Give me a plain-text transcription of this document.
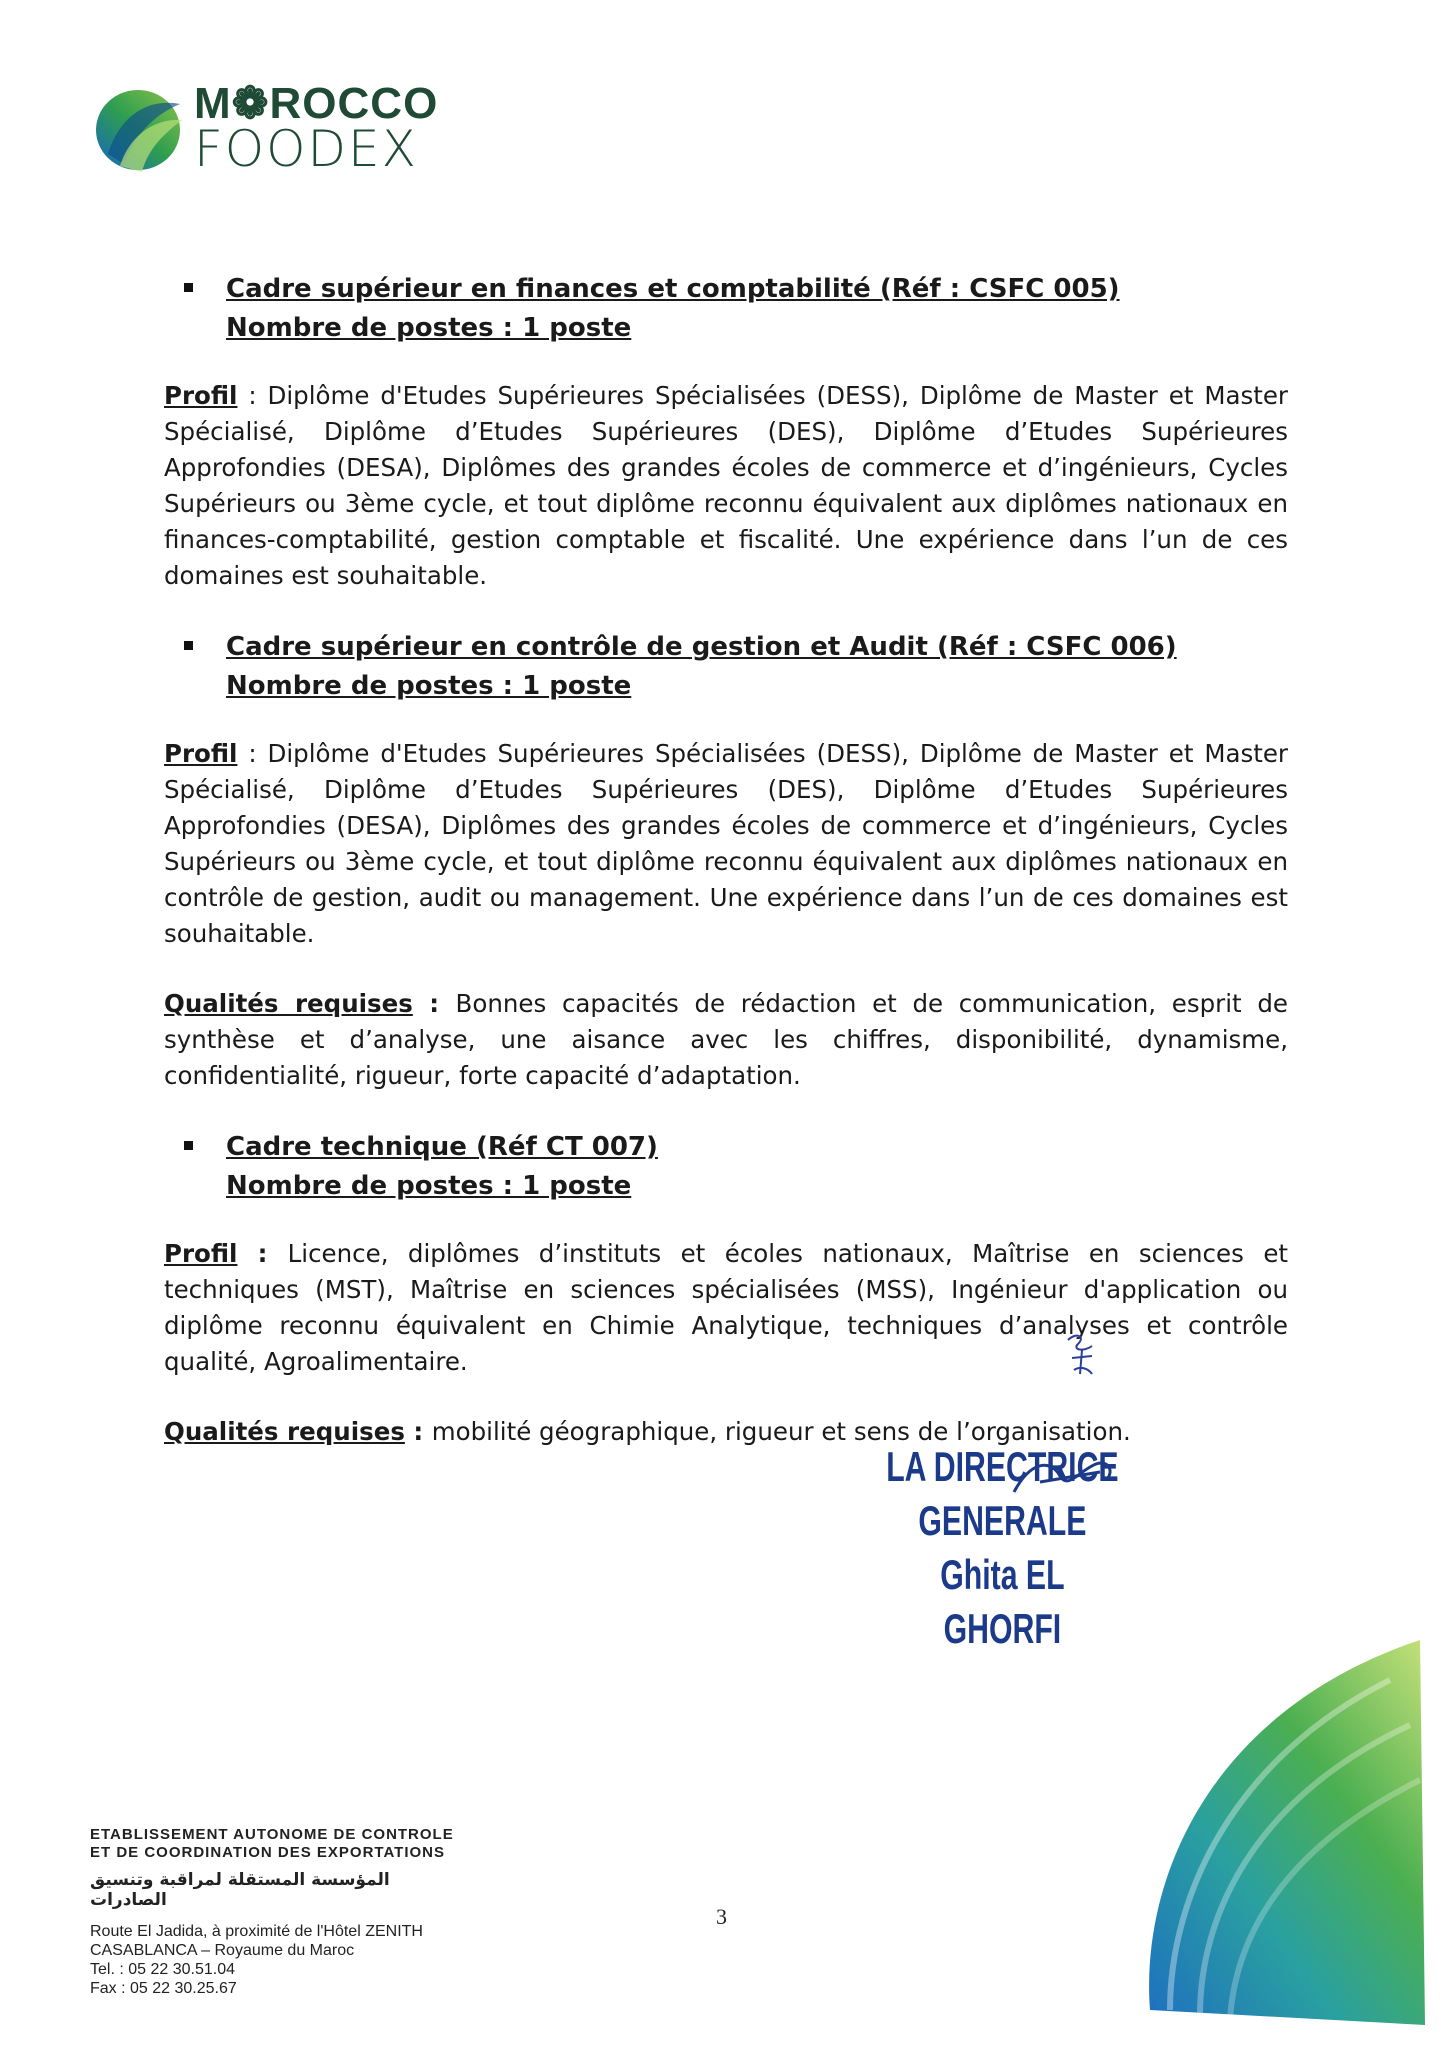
M❁ROCCO
FOODEX
Cadre supérieur en finances et comptabilité (Réf : CSFC 005)
Nombre de postes : 1 poste

Profil : Diplôme d'Etudes Supérieures Spécialisées (DESS), Diplôme de Master et Master Spécialisé, Diplôme d’Etudes Supérieures (DES), Diplôme d’Etudes Supérieures Approfondies (DESA), Diplômes des grandes écoles de commerce et d’ingénieurs, Cycles Supérieurs ou 3ème cycle, et tout diplôme reconnu équivalent aux diplômes nationaux en finances-comptabilité, gestion comptable et fiscalité. Une expérience dans l’un de ces domaines est souhaitable.

Cadre supérieur en contrôle de gestion et Audit (Réf : CSFC 006)
Nombre de postes : 1 poste

Profil : Diplôme d'Etudes Supérieures Spécialisées (DESS), Diplôme de Master et Master Spécialisé, Diplôme d’Etudes Supérieures (DES), Diplôme d’Etudes Supérieures Approfondies (DESA), Diplômes des grandes écoles de commerce et d’ingénieurs, Cycles Supérieurs ou 3ème cycle, et tout diplôme reconnu équivalent aux diplômes nationaux en contrôle de gestion, audit ou management. Une expérience dans l’un de ces domaines est souhaitable.

Qualités requises : Bonnes capacités de rédaction et de communication, esprit de synthèse et d’analyse, une aisance avec les chiffres, disponibilité, dynamisme, confidentialité, rigueur, forte capacité d’adaptation.

Cadre technique (Réf CT 007)
Nombre de postes : 1 poste

Profil : Licence, diplômes d’instituts et écoles nationaux, Maîtrise en sciences et techniques (MST), Maîtrise en sciences spécialisées (MSS), Ingénieur d'application ou diplôme reconnu équivalent en Chimie Analytique, techniques d’analyses et contrôle qualité, Agroalimentaire.

Qualités requises : mobilité géographique, rigueur et sens de l’organisation.

LA DIRECTRICE GENERALE
Ghita EL GHORFI
ETABLISSEMENT AUTONOME DE CONTROLE
ET DE COORDINATION DES EXPORTATIONS
المؤسسة المستقلة لمراقبة وتنسيق الصادرات
Route El Jadida, à proximité de l'Hôtel ZENITH
CASABLANCA – Royaume du Maroc
Tel. : 05 22 30.51.04
Fax : 05 22 30.25.67
3
